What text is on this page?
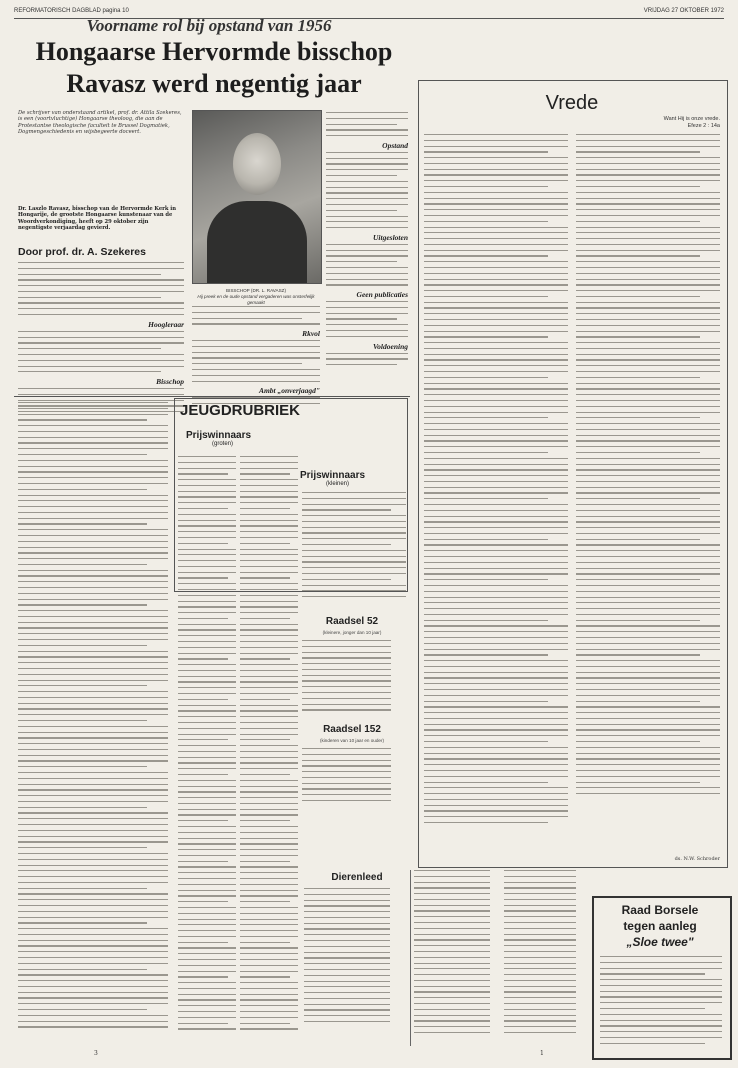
REFORMATORISCH DAGBLAD pagina 10	VRIJDAG 27 OKTOBER 1972
Voorname rol bij opstand van 1956
Hongaarse Hervormde bisschop
Ravasz werd negentig jaar
De schrijver van onderstaand artikel, prof. dr. Attila Szekeres, is een (voortvluchtige) Hongaarse theoloog, die aan de Protestantse theologische faculteit te Brussel Dogmatiek, Dogmengeschiedenis en wijsbegeerte doceert.
Dr. Laszlo Ravasz, bisschop van de Hervormde Kerk in Hongarije, de grootste Hongaarse kunstenaar van de Woordverkondiging, heeft op 29 oktober zijn negentigste verjaardag gevierd.
Door prof. dr. A. Szekeres
Hoogleraar
Bisschop
BISSCHOP (DR. L. RAVASZ)
Hij preek en de oude opstand vergaderen was onsterfelijk gemaakt
Rkvol
Ambt „onverjaagd"
Opstand
Uitgesloten
Geen publicaties
Voldoening
Vrede
Want Hij is onze vrede.
Efeze 2 : 14a
ds. N.W. Schroder
JEUGDRUBRIEK
Prijswinnaars
(groten)
Prijswinnaars
(kleinen)
Raadsel 52
(kleinere, jonger dan 10 jaar)
Raadsel 152
(kinderen van 10 jaar en ouder)
Dierenleed
Raad Borsele
tegen aanleg
„Sloe twee"
3	1
